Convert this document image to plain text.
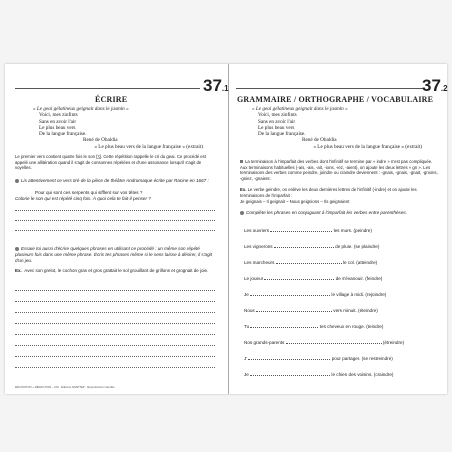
ÉCRIRE
37.1
« Le geai gélatineux geignait dans le jasmin »
Voici, mes zinfints
Sans en avoir l'air
Le plus beau vers
De la langue française.
René de Obaldia
« Le plus beau vers de la langue française » (extrait)
Le premier vers contient quatre fois le son [ʒ]. Cette répétition rappelle le cri du geai. Ce procédé est appelé une allitération quand il s'agit de consonnes répétées et d'une assonance lorsqu'il s'agit de voyelles.
Lis attentivement ce vers tiré de la pièce de théâtre Andromaque écrite par Racine en 1667 :
Pour qui sont ces serpents qui sifflent sur vos têtes ?
Colorie le son qui est répété cinq fois. À quoi cela te fait-il penser ?
Essaie toi aussi d'écrire quelques phrases en utilisant ce procédé : un même son répété plusieurs fois dans une même phrase. Écris tes phrases même si le sens laisse à désirer, il s'agit d'un jeu.
Ex. Avec son grelot, le cochon gras et gros grattait le sol grouillant de grillons et grognait de joie.
RÉCITATION + RÉDACTION – CM · Éditions ADAPTEP · Reproduction interdite
GRAMMAIRE / ORTHOGRAPHE / VOCABULAIRE
37.2
« Le geai gélatineux geignait dans le jasmin »
Voici, mes zinfints
Sans en avoir l'air
Le plus beau vers
De la langue française.
René de Obaldia
« Le plus beau vers de la langue française » (extrait)
La terminaison à l'imparfait des verbes dont l'infinitif se termine par « indre » n'est pas compliquée. Aux terminaisons habituelles (-ais, -ais, -ait, -ions, -iez, -aient), on ajoute les deux lettres « gn ». Les terminaisons des verbes comme peindre, joindre ou craindre deviennent : -gnais, -gnais, -gnait, -gnions, -gniez, -gnaient.
Ex. Le verbe geindre, on enlève les deux dernières lettres de l'infinitif (-indre) et on ajoute les terminaisons de l'imparfait :
Je geignais – Il geignait – Nous geignions – Ils geignaient
Complète les phrases en conjuguant à l'imparfait les verbes entre parenthèses.
Les ouvriers	les murs. (peindre)
Les vignerons	de pluie. (se plaindre)
Les marcheurs	le col. (atteindre)
Le joueur	de s'évanouir. (feindre)
Je	le village à midi. (rejoindre)
Nous	vers minuit. (éteindre)
Tu	tes cheveux en rouge. (teindre)
Nos grands-parents	(étreindre)
J'	pour partager. (se restreindre)
Je	le chien des voisins. (craindre)
